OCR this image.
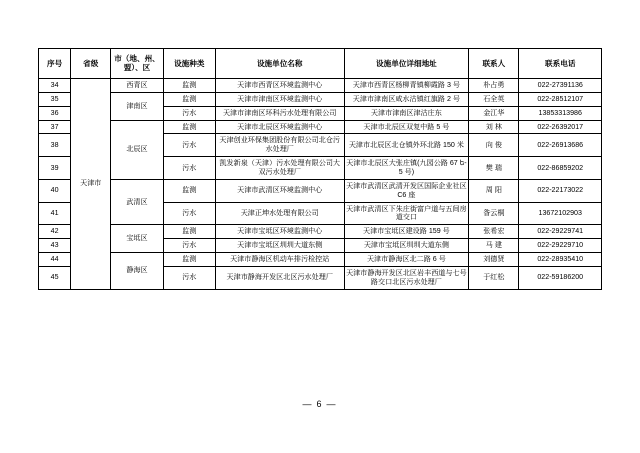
序号	省级	市（地、州、盟）、区	设施种类	设施单位名称	设施单位详细地址	联系人	联系电话
34	天津市	西青区	监测	天津市西青区环境监测中心	天津市西青区杨柳青镇柳霞路 3 号	朴占勇	022-27391136
35		津南区	监测	天津市津南区环境监测中心	天津市津南区咸水沽镇红旗路 2 号	石全英	022-28512107
36			污水	天津市津南区环科污水处理有限公司	天津市津南区津沽庄东	金江华	13853313986
37		北辰区	监测	天津市北辰区环境监测中心	天津市北辰区双复中路 5 号	刘 林	022-26392017
38			污水	天津创业环保集团股份有限公司北仓污水处理厂	天津市北辰区北仓镇外环北路 150 米	向 俊	022-26913686
39			污水	凯发新泉（天津）污水处理有限公司大双污水处理厂	天津市北辰区大张庄镇(九园公路 67 ե-5 号)	樊 瑞	022-86859202
40		武清区	监测	天津市武清区环境监测中心	天津市武清区武清开发区国际企业社区 C6 座	周 阳	022-22173022
41			污水	天津正坤水处理有限公司	天津市武清区下朱庄街富户道与五间房道交口	昝云桐	13672102903
42		宝坻区	监测	天津市宝坻区环境监测中心	天津市宝坻区建设路 159 号	张希宏	022-29229741
43			污水	天津市宝坻区圳圳大道东侧	天津市宝坻区圳圳大道东侧	马 建	022-29229710
44		静海区	监测	天津市静海区机动车排污检控站	天津市静海区北二路 6 号	刘德贤	022-28935410
45			污水	天津市静海开发区北区污水处理厂	天津市静海开发区北区岩丰西道与七号路交口北区污水处理厂	于红松	022-59186200
— 6 —
